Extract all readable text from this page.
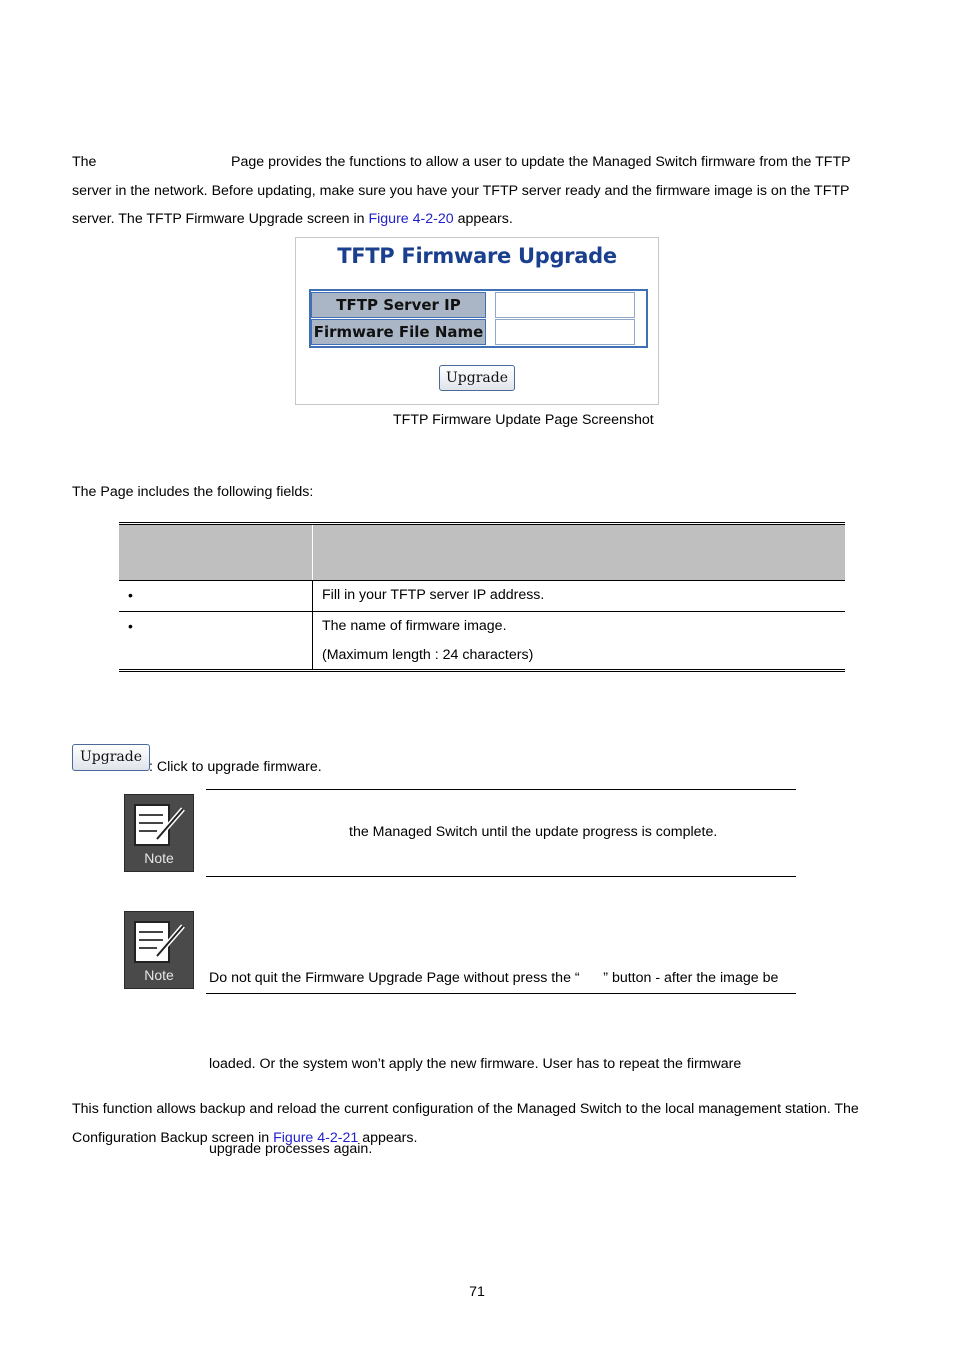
The	Page provides the functions to allow a user to update the Managed Switch firmware from the TFTP
server in the network. Before updating, make sure you have your TFTP server ready and the firmware image is on the TFTP
server. The TFTP Firmware Upgrade screen in Figure 4-2-20 appears.
TFTP Firmware Upgrade
TFTP Server IP
Firmware File Name
Upgrade
TFTP Firmware Update Page Screenshot
The Page includes the following fields:
•	Fill in your TFTP server IP address.
•	The name of firmware image.
(Maximum length : 24 characters)
Upgrade
: Click to upgrade firmware.
Note
the Managed Switch until the update progress is complete.
Note

	Do not quit the Firmware Upgrade Page without press the “      ” button - after the image be

loaded. Or the system won’t apply the new firmware. User has to repeat the firmware

upgrade processes again.

This function allows backup and reload the current configuration of the Managed Switch to the local management station. The
Configuration Backup screen in Figure 4-2-21 appears.
71
